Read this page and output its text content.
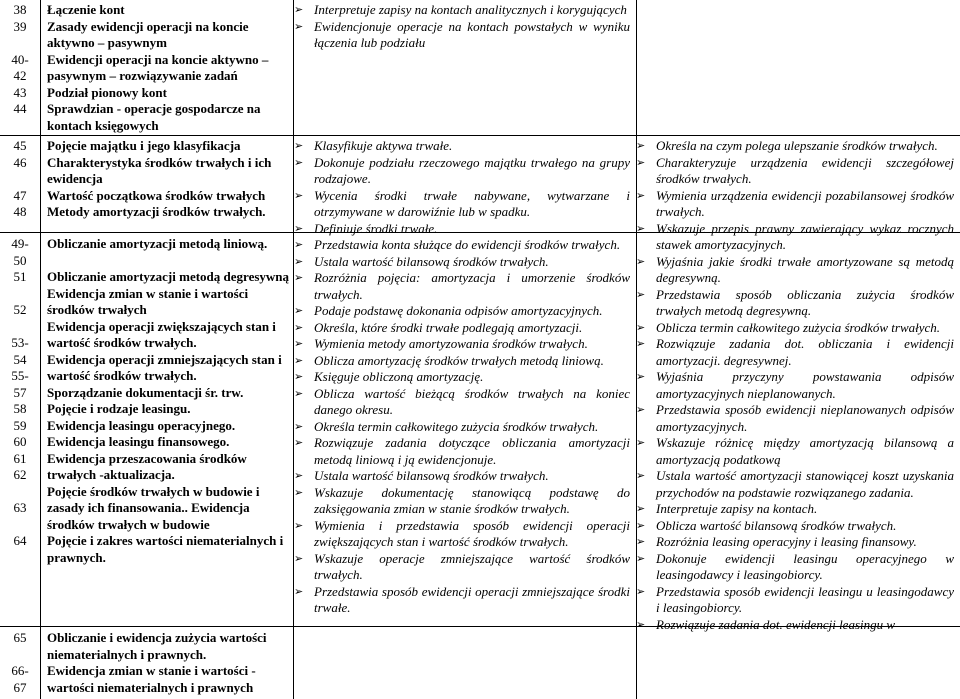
38
39

40-
42
43
44
Łączenie kont
Zasady ewidencji operacji na koncie aktywno – pasywnym
Ewidencji operacji na koncie aktywno – pasywnym – rozwiązywanie zadań
Podział pionowy kont
Sprawdzian - operacje gospodarcze na kontach księgowych
45
46

47
48
Pojęcie majątku i jego klasyfikacja
Charakterystyka środków trwałych i ich ewidencja
Wartość początkowa środków trwałych
Metody amortyzacji środków trwałych.
49-
50
51

52

53-
54
55-
57
58
59
60
61
62

63

64
Obliczanie amortyzacji metodą liniową.

Obliczanie amortyzacji metodą degresywną
Ewidencja zmian w stanie i wartości środków trwałych
Ewidencja operacji zwiększających stan i wartość środków trwałych.
Ewidencja operacji zmniejszających stan i wartość środków trwałych.
Sporządzanie dokumentacji śr. trw.
Pojęcie i rodzaje leasingu.
Ewidencja leasingu operacyjnego.
Ewidencja leasingu finansowego.
Ewidencja przeszacowania środków trwałych -aktualizacja.
Pojęcie środków trwałych w budowie i zasady ich finansowania.. Ewidencja środków trwałych w budowie
Pojęcie i zakres wartości niematerialnych i prawnych.
65

66-
67
Obliczanie i ewidencja zużycia wartości niematerialnych i prawnych.
Ewidencja zmian w stanie i wartości - wartości niematerialnych i prawnych
➢ Interpretuje zapisy na kontach analitycznych i korygujących
➢ Ewidencjonuje operacje na kontach powstałych w wyniku łączenia lub podziału
➢ Klasyfikuje aktywa trwałe.
➢ Dokonuje podziału rzeczowego majątku trwałego na grupy rodzajowe.
➢ Wycenia środki trwałe nabywane, wytwarzane i otrzymywane w darowiźnie lub w spadku.
➢ Definiuje środki trwałe.
➢ Przedstawia konta służące do ewidencji środków trwałych.
➢ Ustala wartość bilansową środków trwałych.
➢ Rozróżnia pojęcia: amortyzacja i umorzenie środków trwałych.
➢ Podaje podstawę dokonania odpisów amortyzacyjnych.
➢ Określa, które środki trwałe podlegają amortyzacji.
➢ Wymienia metody amortyzowania środków trwałych.
➢ Oblicza amortyzację środków trwałych metodą liniową.
➢ Księguje obliczoną amortyzację.
➢ Oblicza wartość bieżącą środków trwałych na koniec danego okresu.
➢ Określa termin całkowitego zużycia środków trwałych.
➢ Rozwiązuje zadania dotyczące obliczania amortyzacji metodą liniową i ją ewidencjonuje.
➢ Ustala wartość bilansową środków trwałych.
➢ Wskazuje dokumentację stanowiącą podstawę do zaksięgowania zmian w stanie środków trwałych.
➢ Wymienia i przedstawia sposób ewidencji operacji zwiększających stan i wartość środków trwałych.
➢ Wskazuje operacje zmniejszające wartość środków trwałych.
➢ Przedstawia sposób ewidencji operacji zmniejszające środki trwałe.
➢ Określa na czym polega ulepszanie środków trwałych.
➢ Charakteryzuje urządzenia ewidencji szczegółowej środków trwałych.
➢ Wymienia urządzenia ewidencji pozabilansowej środków trwałych.
➢ Wskazuje przepis prawny zawierający wykaz rocznych stawek amortyzacyjnych.
➢ Wyjaśnia jakie środki trwałe amortyzowane są metodą degresywną.
➢ Przedstawia sposób obliczania zużycia środków trwałych metodą degresywną.
➢ Oblicza termin całkowitego zużycia środków trwałych.
➢ Rozwiązuje zadania dot. obliczania i ewidencji amortyzacji. degresywnej.
➢ Wyjaśnia przyczyny powstawania odpisów amortyzacyjnych nieplanowanych.
➢ Przedstawia sposób ewidencji nieplanowanych odpisów amortyzacyjnych.
➢ Wskazuje różnicę między amortyzacją bilansową a amortyzacją podatkową
➢ Ustala wartość amortyzacji stanowiącej koszt uzyskania przychodów na podstawie rozwiązanego zadania.
➢ Interpretuje zapisy na kontach.
➢ Oblicza wartość bilansową środków trwałych.
➢ Rozróżnia leasing operacyjny i leasing finansowy.
➢ Dokonuje ewidencji leasingu operacyjnego w leasingodawcy i leasingobiorcy.
➢ Przedstawia sposób ewidencji leasingu u leasingodawcy i leasingobiorcy.
➢ Rozwiązuje zadania dot. ewidencji leasingu w
